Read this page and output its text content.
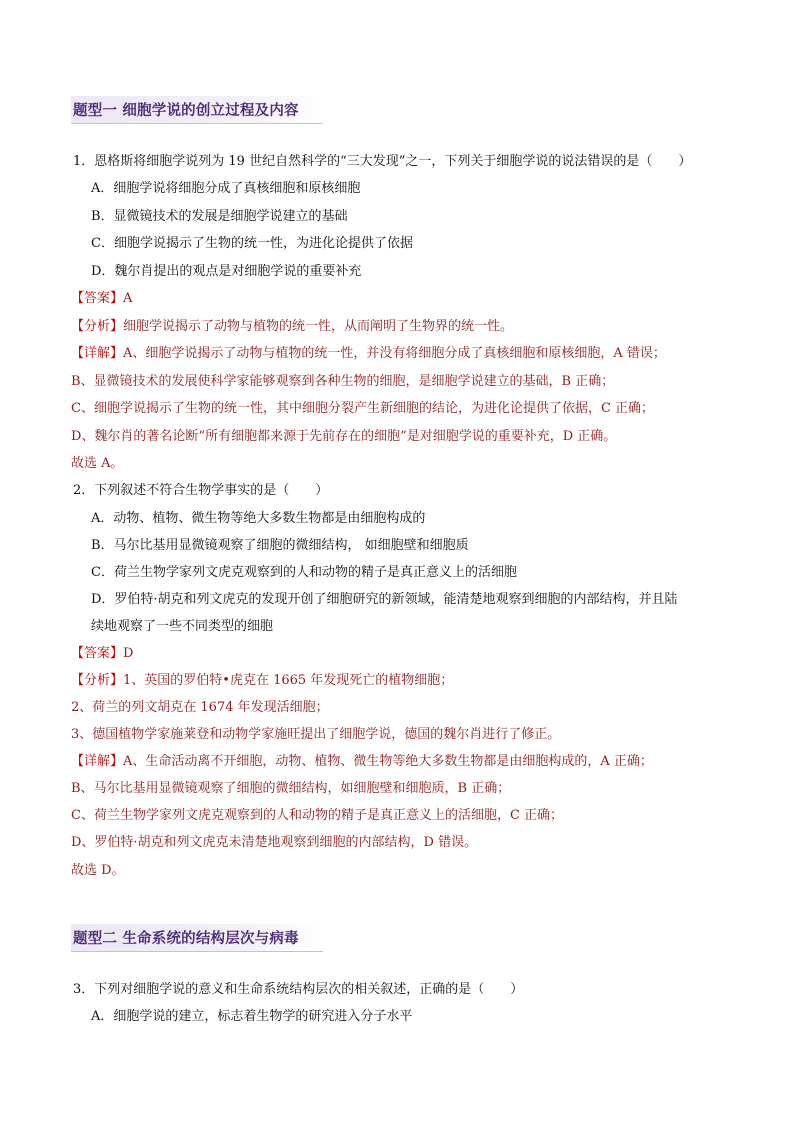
题型一 细胞学说的创立过程及内容
1．恩格斯将细胞学说列为 19 世纪自然科学的“三大发现”之一，下列关于细胞学说的说法错误的是（　　）
A．细胞学说将细胞分成了真核细胞和原核细胞
B．显微镜技术的发展是细胞学说建立的基础
C．细胞学说揭示了生物的统一性，为进化论提供了依据
D．魏尔肖提出的观点是对细胞学说的重要补充
【答案】A
【分析】细胞学说揭示了动物与植物的统一性，从而阐明了生物界的统一性。
【详解】A、细胞学说揭示了动物与植物的统一性，并没有将细胞分成了真核细胞和原核细胞，A 错误；
B、显微镜技术的发展使科学家能够观察到各种生物的细胞，是细胞学说建立的基础，B 正确；
C、细胞学说揭示了生物的统一性，其中细胞分裂产生新细胞的结论，为进化论提供了依据，C 正确；
D、魏尔肖的著名论断“所有细胞都来源于先前存在的细胞”是对细胞学说的重要补充，D 正确。
故选 A。
2．下列叙述不符合生物学事实的是（　　）
A．动物、植物、微生物等绝大多数生物都是由细胞构成的
B．马尔比基用显微镜观察了细胞的微细结构， 如细胞壁和细胞质
C．荷兰生物学家列文虎克观察到的人和动物的精子是真正意义上的活细胞
D．罗伯特·胡克和列文虎克的发现开创了细胞研究的新领域，能清楚地观察到细胞的内部结构，并且陆
续地观察了一些不同类型的细胞
【答案】D
【分析】1、英国的罗伯特•虎克在 1665 年发现死亡的植物细胞；
2、荷兰的列文胡克在 1674 年发现活细胞；
3、德国植物学家施莱登和动物学家施旺提出了细胞学说，德国的魏尔肖进行了修正。
【详解】A、生命活动离不开细胞，动物、植物、微生物等绝大多数生物都是由细胞构成的，A 正确；
B、马尔比基用显微镜观察了细胞的微细结构，如细胞壁和细胞质，B 正确；
C、荷兰生物学家列文虎克观察到的人和动物的精子是真正意义上的活细胞，C 正确；
D、罗伯特·胡克和列文虎克未清楚地观察到细胞的内部结构，D 错误。
故选 D。
题型二 生命系统的结构层次与病毒
3．下列对细胞学说的意义和生命系统结构层次的相关叙述，正确的是（　　）
A．细胞学说的建立，标志着生物学的研究进入分子水平
